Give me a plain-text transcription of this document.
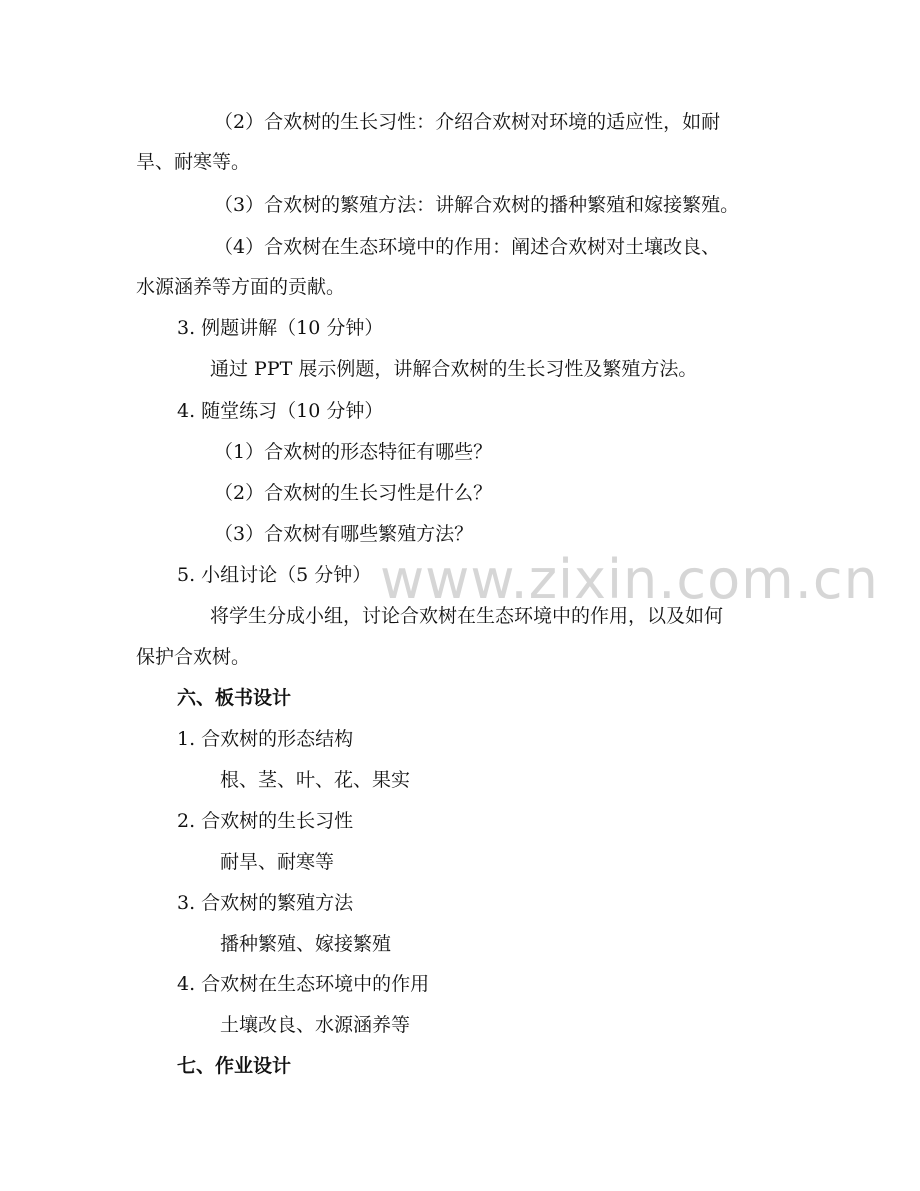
www.zixin.com.cn
（2）合欢树的生长习性：介绍合欢树对环境的适应性，如耐
旱、耐寒等。
（3）合欢树的繁殖方法：讲解合欢树的播种繁殖和嫁接繁殖。
（4）合欢树在生态环境中的作用：阐述合欢树对土壤改良、
水源涵养等方面的贡献。
3. 例题讲解（10 分钟）
通过 PPT 展示例题，讲解合欢树的生长习性及繁殖方法。
4. 随堂练习（10 分钟）
（1）合欢树的形态特征有哪些？
（2）合欢树的生长习性是什么？
（3）合欢树有哪些繁殖方法？
5. 小组讨论（5 分钟）
将学生分成小组，讨论合欢树在生态环境中的作用，以及如何
保护合欢树。
六、板书设计
1. 合欢树的形态结构
根、茎、叶、花、果实
2. 合欢树的生长习性
耐旱、耐寒等
3. 合欢树的繁殖方法
播种繁殖、嫁接繁殖
4. 合欢树在生态环境中的作用
土壤改良、水源涵养等
七、作业设计
